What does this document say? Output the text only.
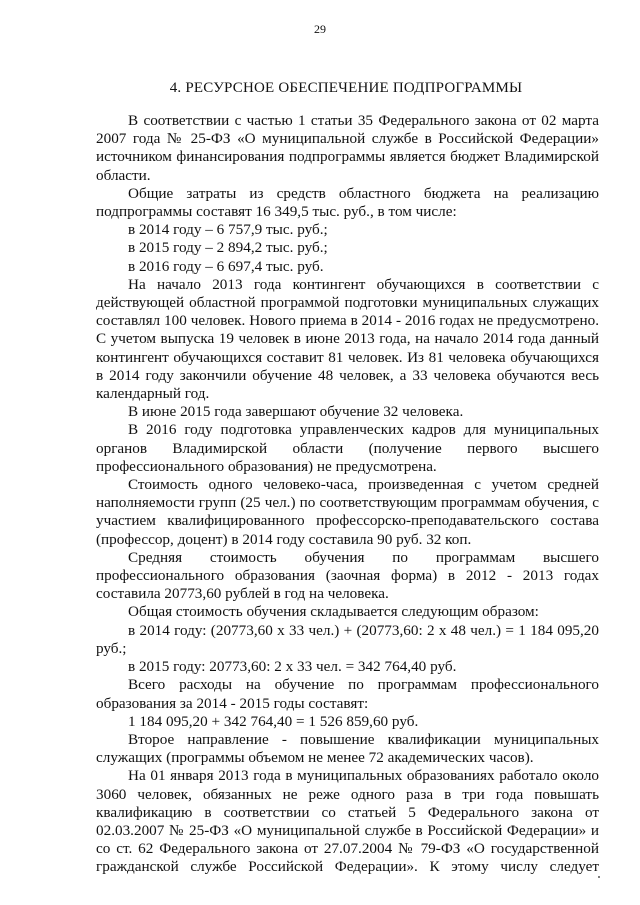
29
4. РЕСУРСНОЕ ОБЕСПЕЧЕНИЕ ПОДПРОГРАММЫ
В соответствии с частью 1 статьи 35 Федерального закона от 02 марта
2007 года № 25-ФЗ «О муниципальной службе в Российской Федерации»
источником финансирования подпрограммы является бюджет Владимирской
области.
Общие затраты из средств областного бюджета на реализацию
подпрограммы составят 16 349,5 тыс. руб., в том числе:
в 2014 году – 6 757,9 тыс. руб.;
в 2015 году – 2 894,2 тыс. руб.;
в 2016 году – 6 697,4 тыс. руб.
На начало 2013 года контингент обучающихся в соответствии с
действующей областной программой подготовки муниципальных служащих
составлял 100 человек. Нового приема в 2014 - 2016 годах не предусмотрено.
С учетом выпуска 19 человек в июне 2013 года, на начало 2014 года данный
контингент обучающихся составит 81 человек. Из 81 человека обучающихся
в 2014 году закончили обучение 48 человек, а 33 человека обучаются весь
календарный год.
В июне 2015 года завершают обучение 32 человека.
В 2016 году подготовка управленческих кадров для муниципальных
органов Владимирской области (получение первого высшего
профессионального образования) не предусмотрена.
Стоимость одного человеко-часа, произведенная с учетом средней
наполняемости групп (25 чел.) по соответствующим программам обучения, с
участием квалифицированного профессорско-преподавательского состава
(профессор, доцент) в 2014 году составила 90 руб. 32 коп.
Средняя стоимость обучения по программам высшего
профессионального образования (заочная форма) в 2012 - 2013 годах
составила 20773,60 рублей в год на человека.
Общая стоимость обучения складывается следующим образом:
в 2014 году: (20773,60 х 33 чел.) + (20773,60: 2 х 48 чел.) = 1 184 095,20
руб.;
в 2015 году: 20773,60: 2 х 33 чел. = 342 764,40 руб.
Всего расходы на обучение по программам профессионального
образования за 2014 - 2015 годы составят:
1 184 095,20 + 342 764,40 = 1 526 859,60 руб.
Второе направление - повышение квалификации муниципальных
служащих (программы объемом не менее 72 академических часов).
На 01 января 2013 года в муниципальных образованиях работало около
3060 человек, обязанных не реже одного раза в три года повышать
квалификацию в соответствии со статьей 5 Федерального закона от
02.03.2007 № 25-ФЗ «О муниципальной службе в Российской Федерации» и
со ст. 62 Федерального закона от 27.07.2004 № 79-ФЗ «О государственной
гражданской службе Российской Федерации». К этому числу следует
